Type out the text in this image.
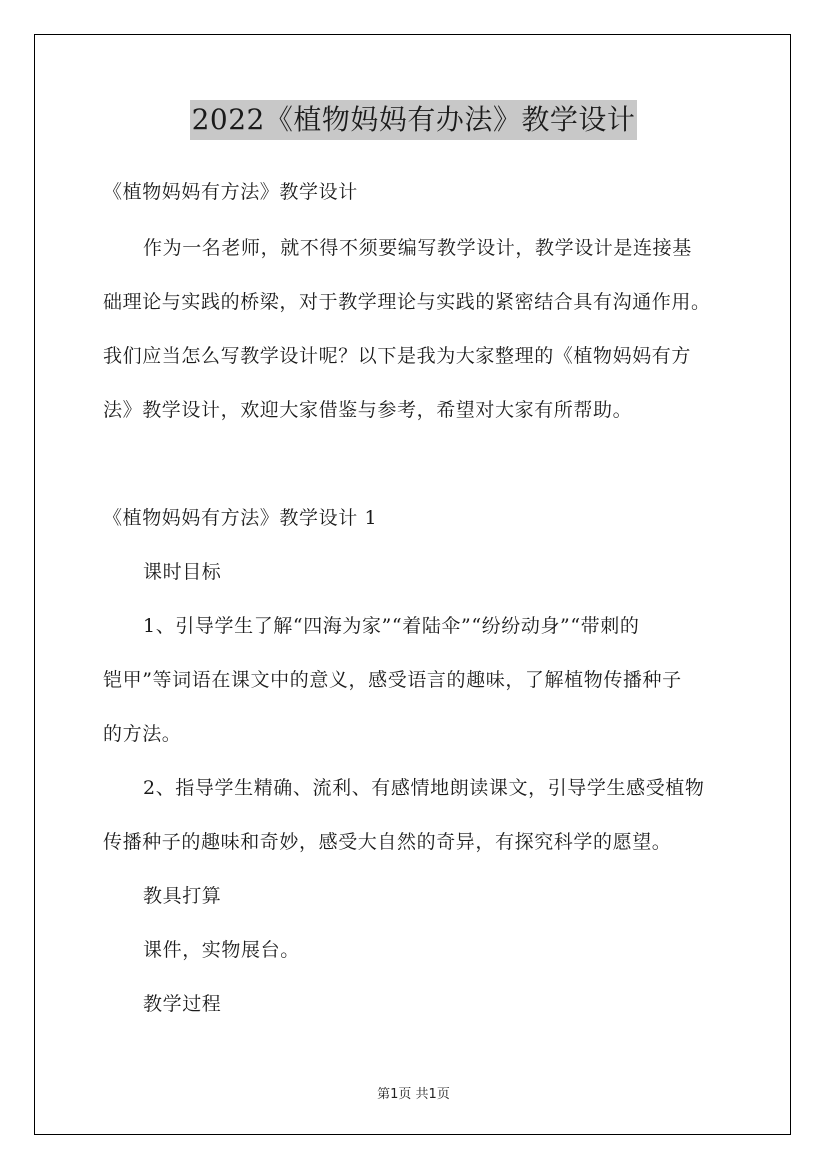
2022《植物妈妈有办法》教学设计
《植物妈妈有方法》教学设计
作为一名老师，就不得不须要编写教学设计，教学设计是连接基
础理论与实践的桥梁，对于教学理论与实践的紧密结合具有沟通作用。
我们应当怎么写教学设计呢？以下是我为大家整理的《植物妈妈有方
法》教学设计，欢迎大家借鉴与参考，希望对大家有所帮助。
《植物妈妈有方法》教学设计 1
课时目标
1、引导学生了解“四海为家”“着陆伞”“纷纷动身”“带刺的
铠甲”等词语在课文中的意义，感受语言的趣味，了解植物传播种子
的方法。
2、指导学生精确、流利、有感情地朗读课文，引导学生感受植物
传播种子的趣味和奇妙，感受大自然的奇异，有探究科学的愿望。
教具打算
课件，实物展台。
教学过程
第1页 共1页
